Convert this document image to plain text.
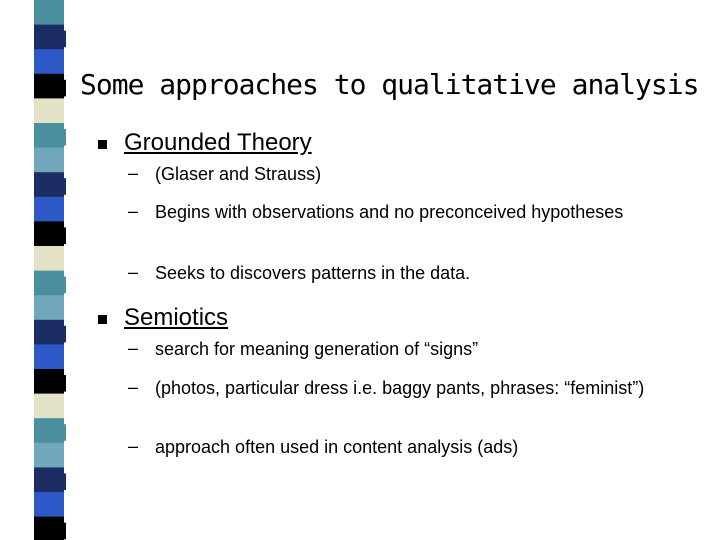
Some approaches to qualitative analysis
Grounded Theory
– (Glaser and Strauss)
– Begins with observations and no preconceived hypotheses
– Seeks to discovers patterns in the data.
Semiotics
– search for meaning generation of “signs”
– (photos, particular dress i.e. baggy pants, phrases: “feminist”)
– approach often used in content analysis (ads)
